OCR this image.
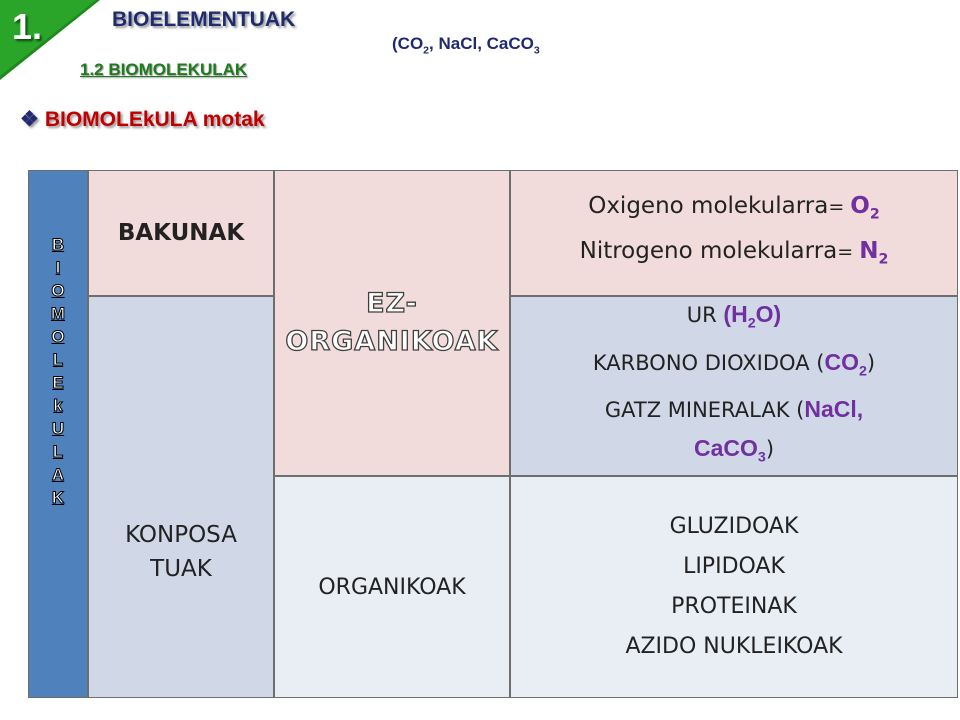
1.	BIOELEMENTUAK
($CO_2$, NaCl, CaCO$_3$
1.2 BIOMOLEKULAK
❖ BIOMOLEkULA motak
B
I
O
M
O
L
E
k
U
L
A
K
BAKUNAK
KONPOSA
TUAK
EZ-
ORGANIKOAK
ORGANIKOAK
Oxigeno molekularra= $O_2$
Nitrogeno molekularra= $N_2$
UR $(H_2O)$
KARBONO DIOXIDOA $(CO_2)$
GATZ MINERALAK (NaCl,
CaCO$_3$)
GLUZIDOAK
LIPIDOAK
PROTEINAK
AZIDO NUKLEIKOAK
